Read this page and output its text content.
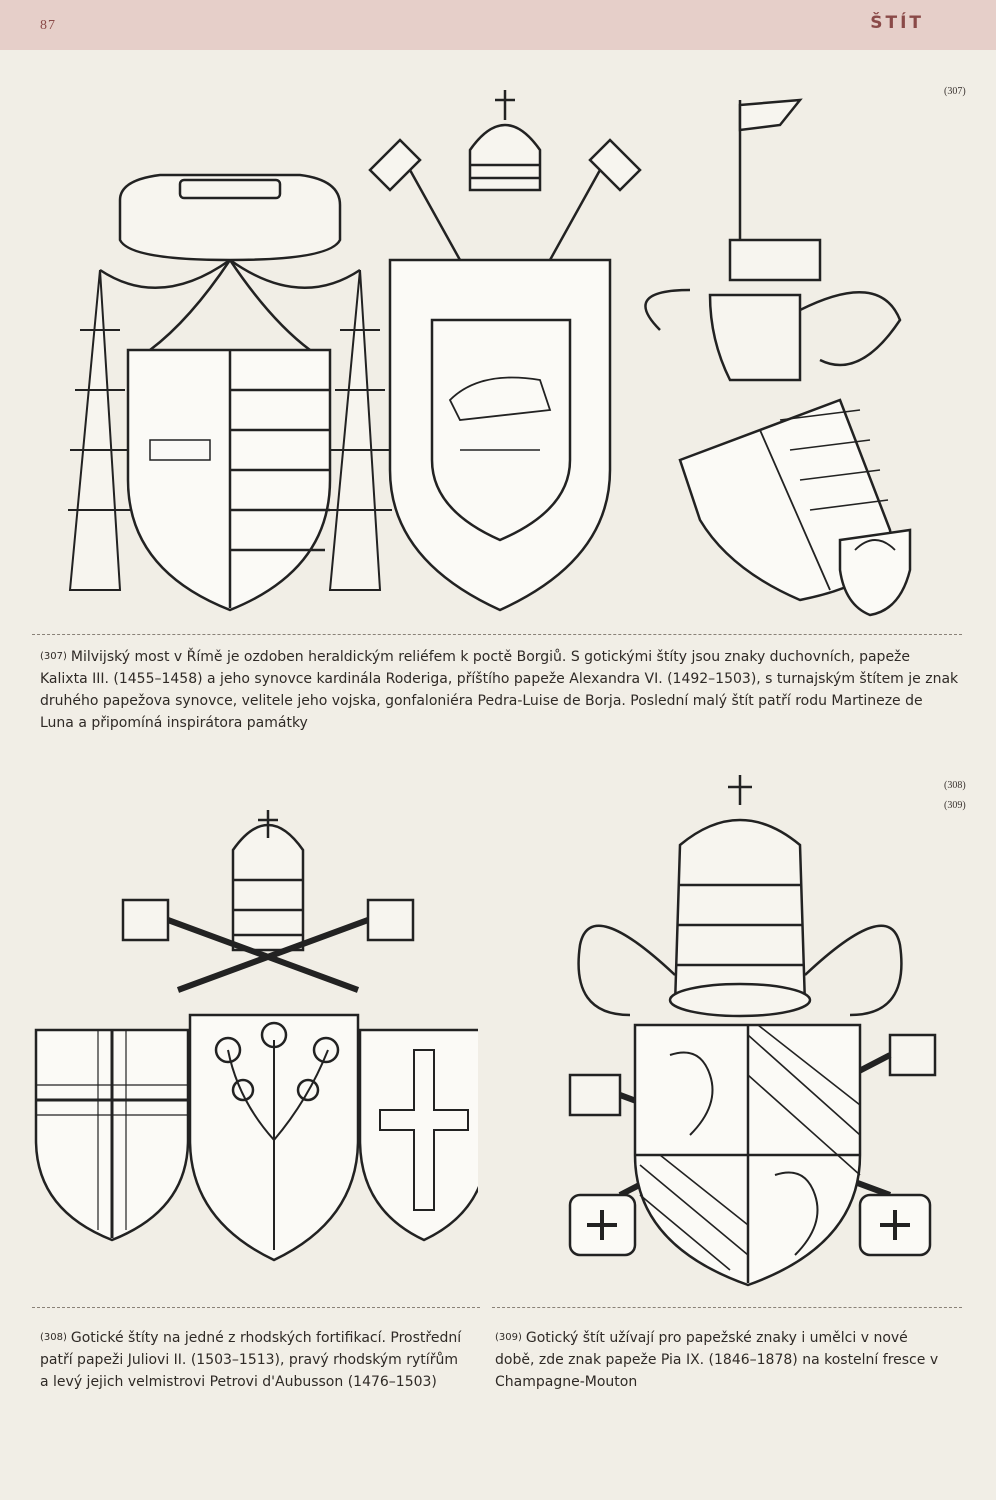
87	ŠTÍT
(307)
(307) Milvijský most v Římě je ozdoben heraldickým reliéfem k poctě Borgiů. S gotickými štíty jsou znaky duchovních, papeže Kalixta III. (1455–1458) a jeho synovce kardinála Roderiga, příštího papeže Alexandra VI. (1492–1503), s turnajským štítem je znak druhého papežova synovce, velitele jeho vojska, gonfaloniéra Pedra-Luise de Borja. Poslední malý štít patří rodu Martineze de Luna a připomíná inspirátora památky
(308)
(309)
(308) Gotické štíty na jedné z rhodských fortifikací. Prostřední patří papeži Juliovi II. (1503–1513), pravý rhodským rytířům a levý jejich velmistrovi Petrovi d'Aubusson (1476–1503)
(309) Gotický štít užívají pro papežské znaky i umělci v nové době, zde znak papeže Pia IX. (1846–1878) na kostelní fresce v Champagne-Mouton
